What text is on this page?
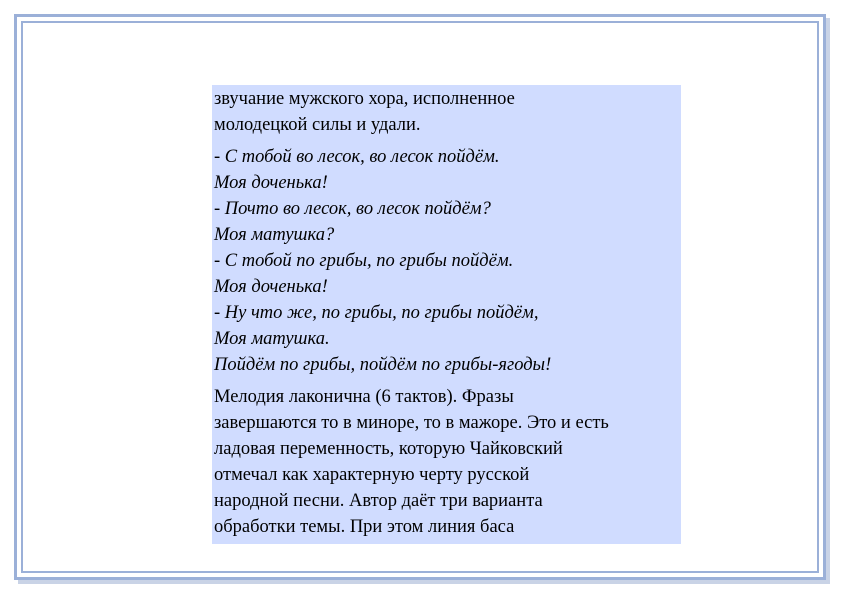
звучание мужского хора, исполненное
молодецкой силы и удали.
- С тобой во лесок, во лесок пойдём.
Моя доченька!
- Почто во лесок, во лесок пойдём?
Моя матушка?
- С тобой по грибы, по грибы пойдём.
Моя доченька!
- Ну что же, по грибы, по грибы пойдём,
Моя матушка.
Пойдём по грибы, пойдём по грибы-ягоды!
Мелодия лаконична (6 тактов). Фразы
завершаются то в миноре, то в мажоре. Это и есть
ладовая переменность, которую Чайковский
отмечал как характерную черту русской
народной песни. Автор даёт три варианта
обработки темы. При этом линия баса
